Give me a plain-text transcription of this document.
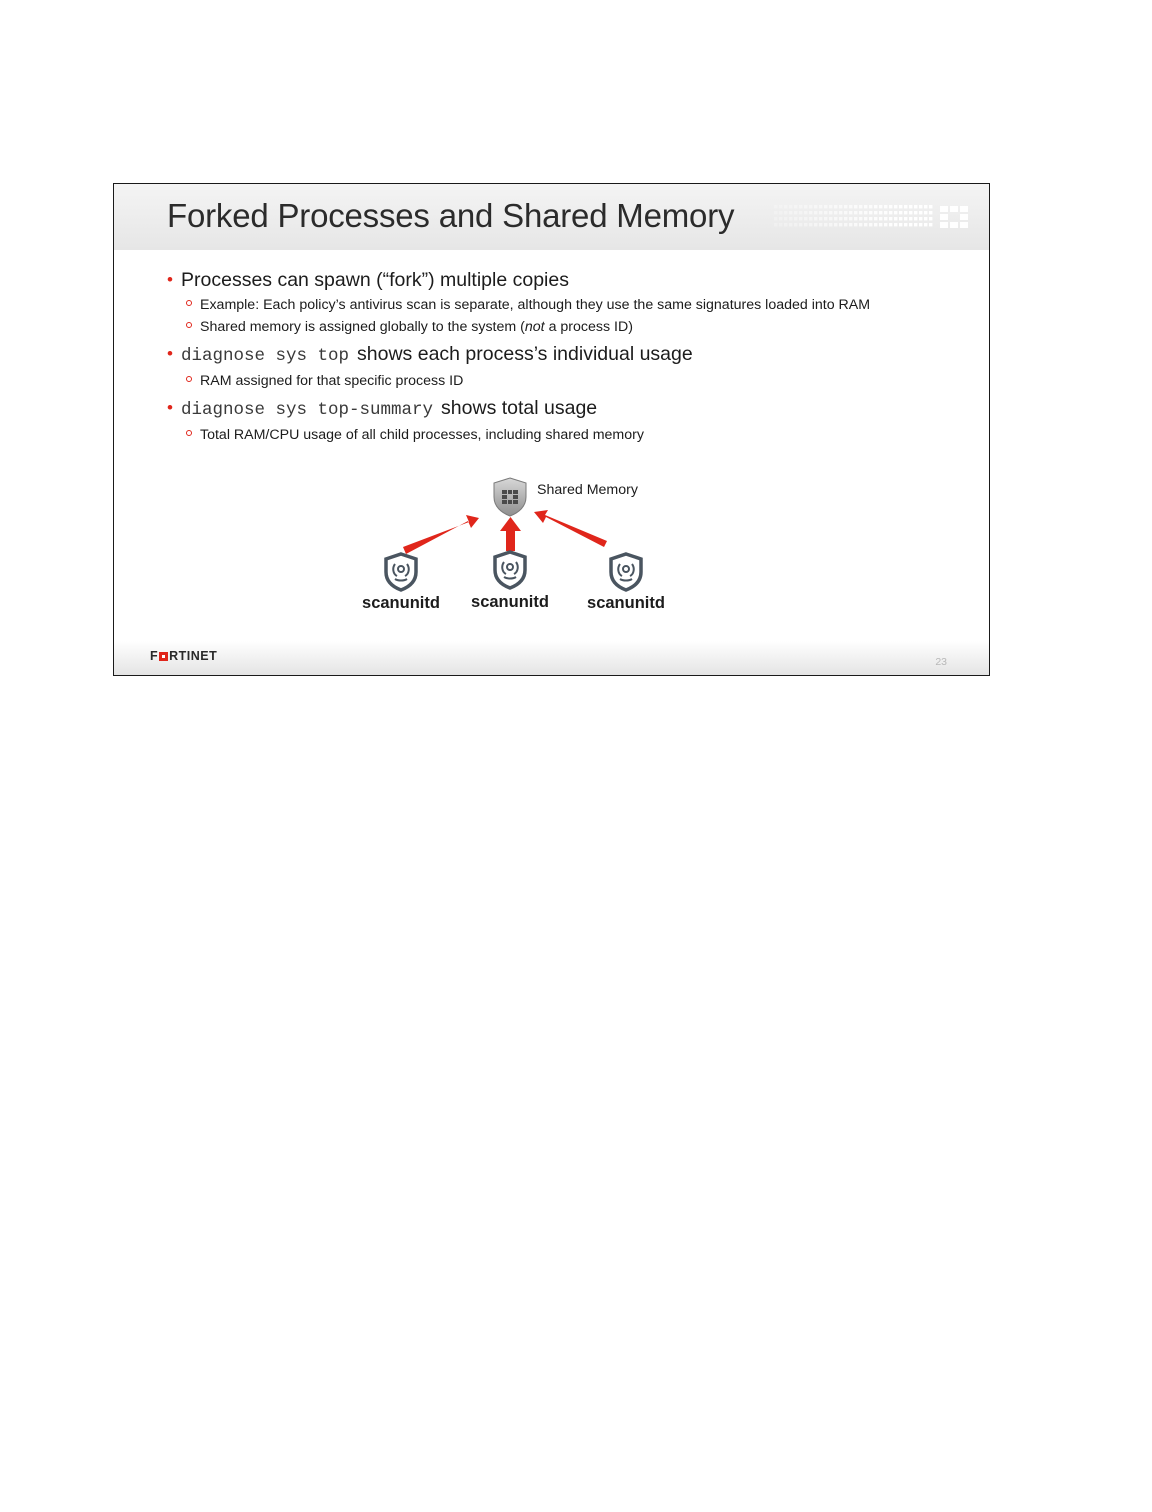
Forked Processes and Shared Memory
• Processes can spawn (“fork”) multiple copies
Example: Each policy’s antivirus scan is separate, although they use the same signatures loaded into RAM
Shared memory is assigned globally to the system (not a process ID)
• diagnose sys top shows each process’s individual usage
RAM assigned for that specific process ID
• diagnose sys top-summary shows total usage
Total RAM/CPU usage of all child processes, including shared memory
Shared Memory
scanunitd	scanunitd	scanunitd
F RTINET	23
